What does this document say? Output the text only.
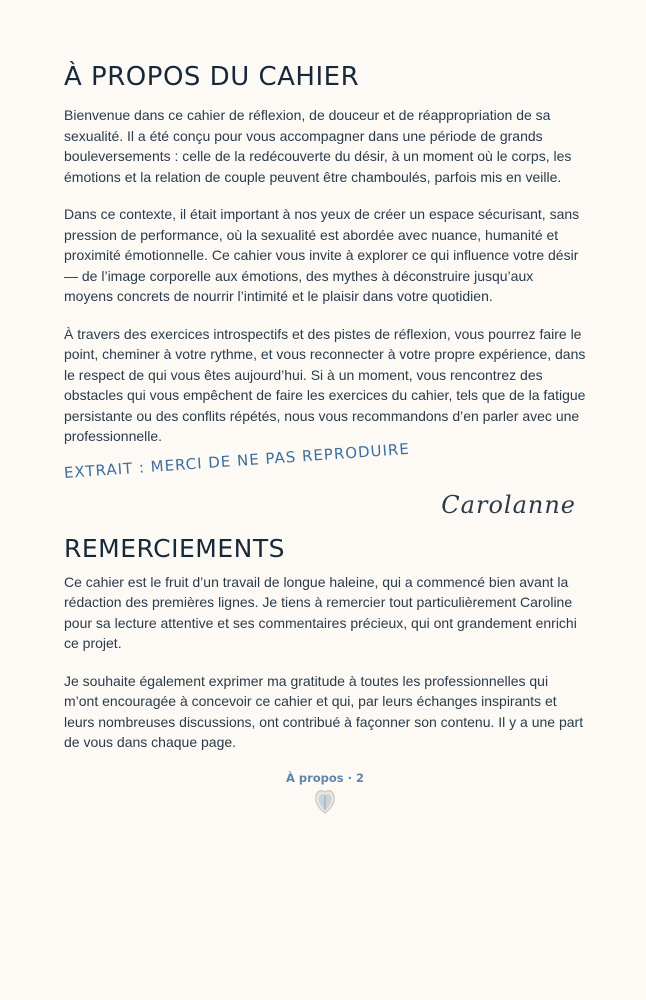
À PROPOS DU CAHIER

Bienvenue dans ce cahier de réflexion, de douceur et de réappropriation de sa sexualité. Il a été conçu pour vous accompagner dans une période de grands bouleversements : celle de la redécouverte du désir, à un moment où le corps, les émotions et la relation de couple peuvent être chamboulés, parfois mis en veille.

Dans ce contexte, il était important à nos yeux de créer un espace sécurisant, sans pression de performance, où la sexualité est abordée avec nuance, humanité et proximité émotionnelle. Ce cahier vous invite à explorer ce qui influence votre désir — de l’image corporelle aux émotions, des mythes à déconstruire jusqu’aux moyens concrets de nourrir l’intimité et le plaisir dans votre quotidien.

À travers des exercices introspectifs et des pistes de réflexion, vous pourrez faire le point, cheminer à votre rythme, et vous reconnecter à votre propre expérience, dans le respect de qui vous êtes aujourd’hui. Si à un moment, vous rencontrez des obstacles qui vous empêchent de faire les exercices du cahier, tels que de la fatigue persistante ou des conflits répétés, nous vous recommandons d’en parler avec une professionnelle.

EXTRAIT : MERCI DE NE PAS REPRODUIRE
Carolanne
REMERCIEMENTS

Ce cahier est le fruit d’un travail de longue haleine, qui a commencé bien avant la rédaction des premières lignes. Je tiens à remercier tout particulièrement Caroline pour sa lecture attentive et ses commentaires précieux, qui ont grandement enrichi ce projet.

Je souhaite également exprimer ma gratitude à toutes les professionnelles qui m’ont encouragée à concevoir ce cahier et qui, par leurs échanges inspirants et leurs nombreuses discussions, ont contribué à façonner son contenu. Il y a une part de vous dans chaque page.

À propos · 2
